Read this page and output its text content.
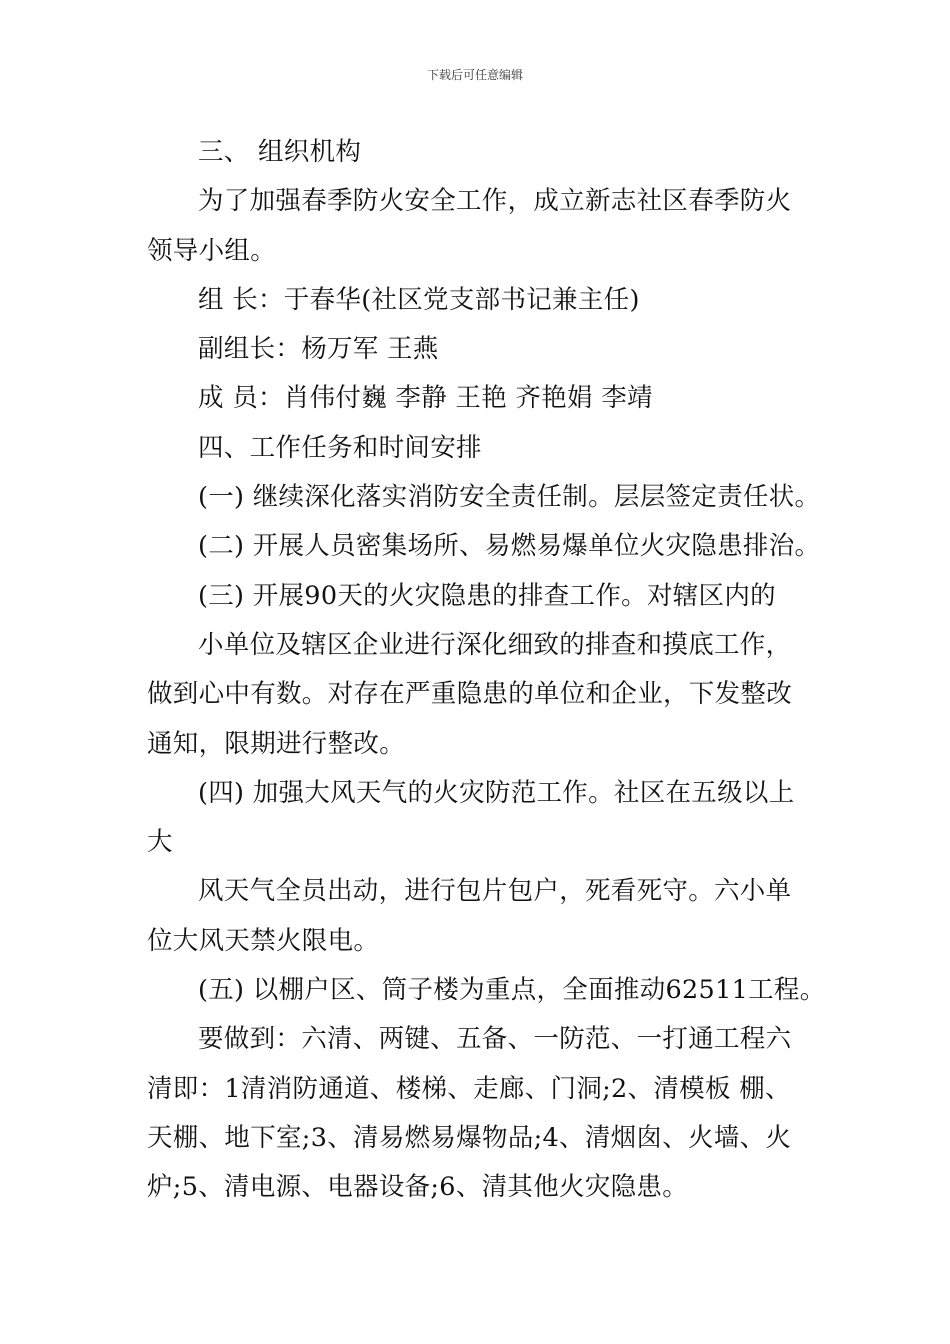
下载后可任意编辑
三、 组织机构
为了加强春季防火安全工作，成立新志社区春季防火
领导小组。
组 长：于春华(社区党支部书记兼主任)
副组长：杨万军 王燕
成 员：肖伟付巍 李静 王艳 齐艳娟 李靖
四、工作任务和时间安排
(一) 继续深化落实消防安全责任制。层层签定责任状。
(二) 开展人员密集场所、易燃易爆单位火灾隐患排治。
(三) 开展90天的火灾隐患的排查工作。对辖区内的
小单位及辖区企业进行深化细致的排查和摸底工作，
做到心中有数。对存在严重隐患的单位和企业，下发整改
通知，限期进行整改。
(四) 加强大风天气的火灾防范工作。社区在五级以上
大
风天气全员出动，进行包片包户，死看死守。六小单
位大风天禁火限电。
(五) 以棚户区、筒子楼为重点，全面推动62511工程。
要做到：六清、两键、五备、一防范、一打通工程六
清即：1清消防通道、楼梯、走廊、门洞;2、清模板 棚、
天棚、地下室;3、清易燃易爆物品;4、清烟囱、火墙、火
炉;5、清电源、电器设备;6、清其他火灾隐患。
